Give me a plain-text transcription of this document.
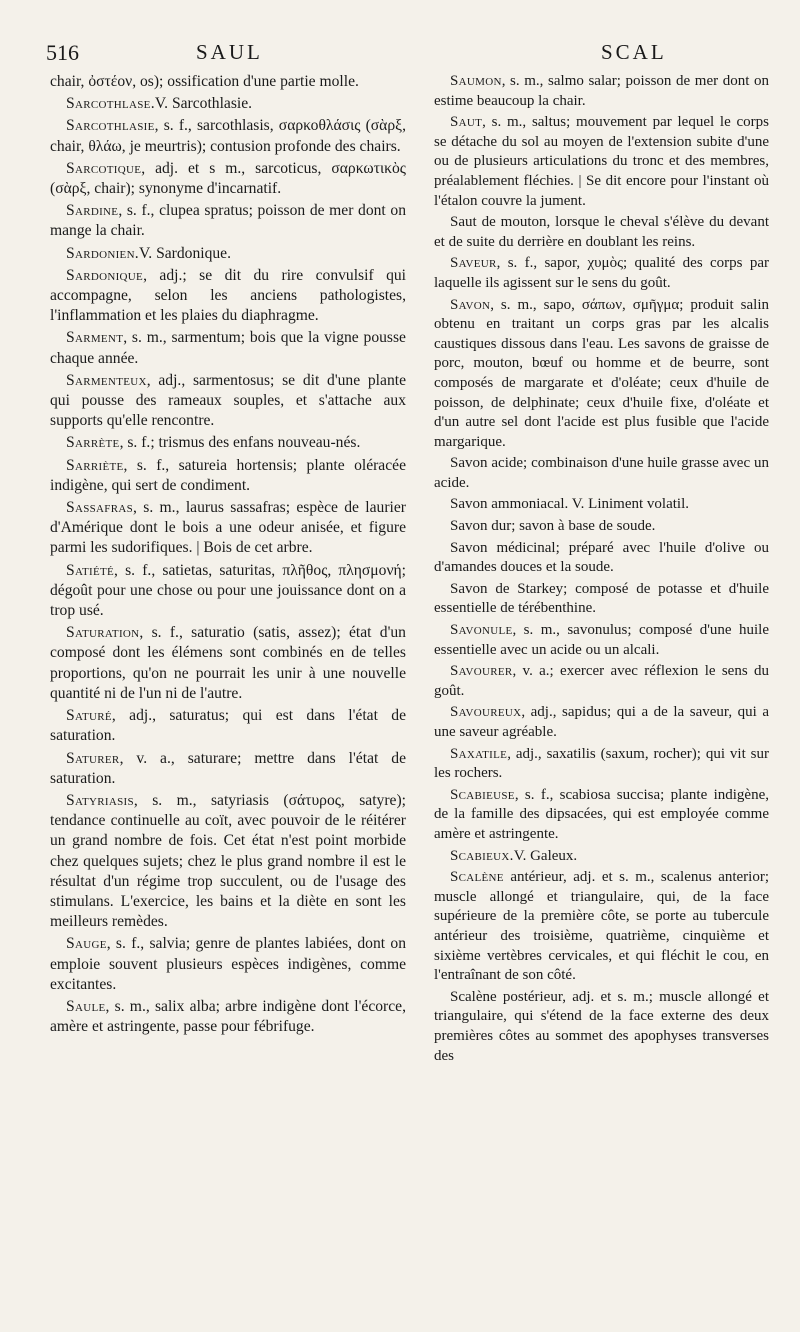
516	SAUL	SCAL

chair, ὀστέον, os); ossification d'une partie molle.

Sarcothlase.V. Sarcothlasie.

Sarcothlasie, s. f., sarcothlasis, σαρκοθλάσις (σὰρξ, chair, θλάω, je meurtris); contusion profonde des chairs.

Sarcotique, adj. et s m., sarcoticus, σαρκωτικὸς (σὰρξ, chair); synonyme d'incarnatif.

Sardine, s. f., clupea spratus; poisson de mer dont on mange la chair.

Sardonien.V. Sardonique.

Sardonique, adj.; se dit du rire convulsif qui accompagne, selon les anciens pathologistes, l'inflammation et les plaies du diaphragme.

Sarment, s. m., sarmentum; bois que la vigne pousse chaque année.

Sarmenteux, adj., sarmentosus; se dit d'une plante qui pousse des rameaux souples, et s'attache aux supports qu'elle rencontre.

Sarrète, s. f.; trismus des enfans nouveau-nés.

Sarriète, s. f., satureia hortensis; plante oléracée indigène, qui sert de condiment.

Sassafras, s. m., laurus sassafras; espèce de laurier d'Amérique dont le bois a une odeur anisée, et figure parmi les sudorifiques. | Bois de cet arbre.

Satiété, s. f., satietas, saturitas, πλῆθος, πλησμονή; dégoût pour une chose ou pour une jouissance dont on a trop usé.

Saturation, s. f., saturatio (satis, assez); état d'un composé dont les élémens sont combinés en de telles proportions, qu'on ne pourrait les unir à une nouvelle quantité ni de l'un ni de l'autre.

Saturé, adj., saturatus; qui est dans l'état de saturation.

Saturer, v. a., saturare; mettre dans l'état de saturation.

Satyriasis, s. m., satyriasis (σάτυρος, satyre); tendance continuelle au coït, avec pouvoir de le réitérer un grand nombre de fois. Cet état n'est point morbide chez quelques sujets; chez le plus grand nombre il est le résultat d'un régime trop succulent, ou de l'usage des stimulans. L'exercice, les bains et la diète en sont les meilleurs remèdes.

Sauge, s. f., salvia; genre de plantes labiées, dont on emploie souvent plusieurs espèces indigènes, comme excitantes.

Saule, s. m., salix alba; arbre indigène dont l'écorce, amère et astringente, passe pour fébrifuge.

Saumon, s. m., salmo salar; poisson de mer dont on estime beaucoup la chair.

Saut, s. m., saltus; mouvement par lequel le corps se détache du sol au moyen de l'extension subite d'une ou de plusieurs articulations du tronc et des membres, préalablement fléchies. | Se dit encore pour l'instant où l'étalon couvre la jument.

Saut de mouton, lorsque le cheval s'élève du devant et de suite du derrière en doublant les reins.

Saveur, s. f., sapor, χυμὸς; qualité des corps par laquelle ils agissent sur le sens du goût.

Savon, s. m., sapo, σάπων, σμῆγμα; produit salin obtenu en traitant un corps gras par les alcalis caustiques dissous dans l'eau. Les savons de graisse de porc, mouton, bœuf ou homme et de beurre, sont composés de margarate et d'oléate; ceux d'huile de poisson, de delphinate; ceux d'huile fixe, d'oléate et d'un autre sel dont l'acide est plus fusible que l'acide margarique.

Savon acide; combinaison d'une huile grasse avec un acide.

Savon ammoniacal. V. Liniment volatil.

Savon dur; savon à base de soude.

Savon médicinal; préparé avec l'huile d'olive ou d'amandes douces et la soude.

Savon de Starkey; composé de potasse et d'huile essentielle de térébenthine.

Savonule, s. m., savonulus; composé d'une huile essentielle avec un acide ou un alcali.

Savourer, v. a.; exercer avec réflexion le sens du goût.

Savoureux, adj., sapidus; qui a de la saveur, qui a une saveur agréable.

Saxatile, adj., saxatilis (saxum, rocher); qui vit sur les rochers.

Scabieuse, s. f., scabiosa succisa; plante indigène, de la famille des dipsacées, qui est employée comme amère et astringente.

Scabieux.V. Galeux.

Scalène antérieur, adj. et s. m., scalenus anterior; muscle allongé et triangulaire, qui, de la face supérieure de la première côte, se porte au tubercule antérieur des troisième, quatrième, cinquième et sixième vertèbres cervicales, et qui fléchit le cou, en l'entraînant de son côté.

Scalène postérieur, adj. et s. m.; muscle allongé et triangulaire, qui s'étend de la face externe des deux premières côtes au sommet des apophyses transverses des
